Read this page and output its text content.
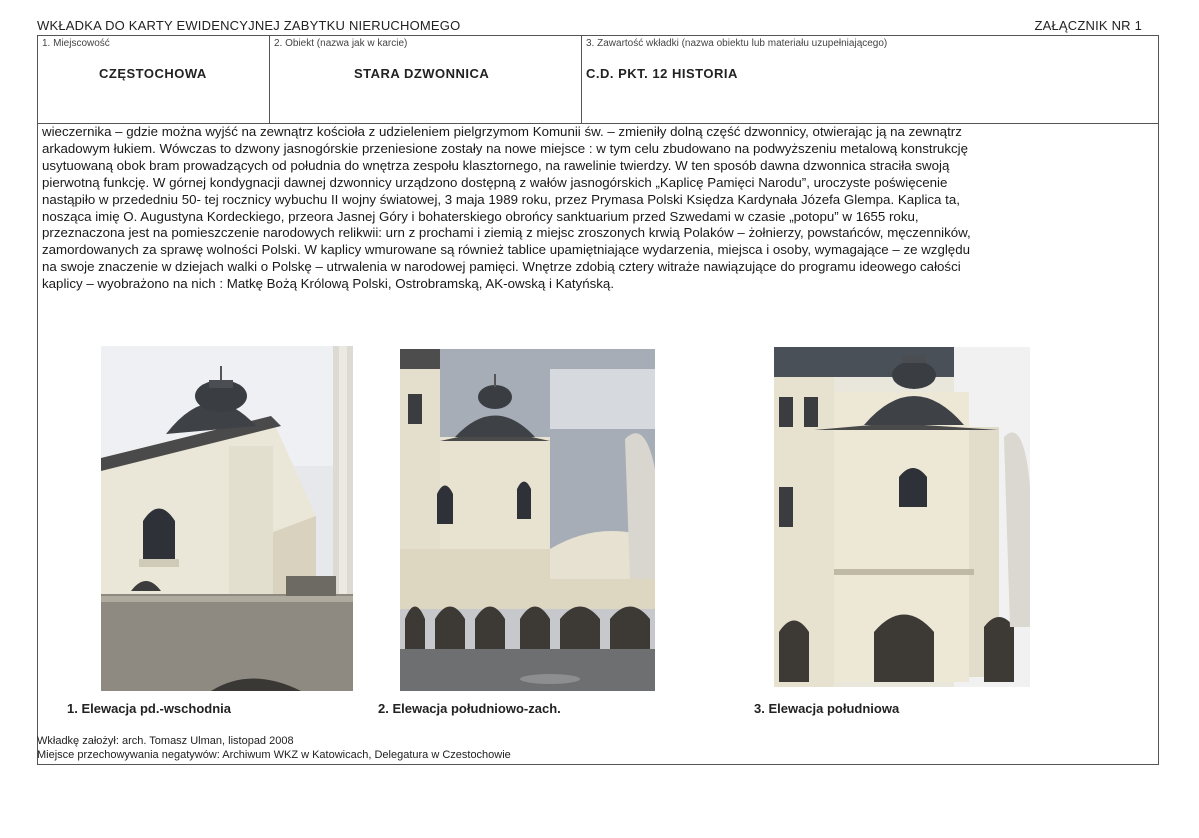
WKŁADKA DO KARTY EWIDENCYJNEJ ZABYTKU NIERUCHOMEGO	ZAŁĄCZNIK NR 1
1. Miejscowość
CZĘSTOCHOWA
2. Obiekt (nazwa jak w karcie)
STARA DZWONNICA
3. Zawartość wkładki (nazwa obiektu lub materiału uzupełniającego)
C.D. PKT. 12 HISTORIA
wieczernika – gdzie można wyjść na zewnątrz kościoła z udzieleniem pielgrzymom Komunii św. – zmieniły dolną część dzwonnicy, otwierając ją na zewnątrz
arkadowym łukiem. Wówczas to dzwony jasnogórskie przeniesione zostały na nowe miejsce : w tym celu zbudowano na podwyższeniu metalową konstrukcję
usytuowaną obok bram prowadzących od południa do wnętrza zespołu klasztornego, na rawelinie twierdzy. W ten sposób dawna dzwonnica straciła swoją
pierwotną funkcję. W górnej kondygnacji dawnej dzwonnicy urządzono dostępną z wałów jasnogórskich „Kaplicę Pamięci Narodu”, uroczyste poświęcenie
nastąpiło w przededniu 50- tej rocznicy wybuchu II wojny światowej, 3 maja 1989 roku, przez Prymasa Polski Księdza Kardynała Józefa Glempa. Kaplica ta,
nosząca imię O. Augustyna Kordeckiego, przeora Jasnej Góry i bohaterskiego obrońcy sanktuarium przed Szwedami w czasie „potopu” w 1655 roku,
przeznaczona jest na pomieszczenie narodowych relikwii: urn z prochami i ziemią z miejsc zroszonych krwią Polaków – żołnierzy, powstańców, męczenników,
zamordowanych za sprawę wolności Polski. W kaplicy wmurowane są również tablice upamiętniające wydarzenia, miejsca i osoby, wymagające – ze względu
na swoje znaczenie w dziejach walki o Polskę – utrwalenia w narodowej pamięci. Wnętrze zdobią cztery witraże nawiązujące do programu ideowego całości
kaplicy – wyobrażono na nich : Matkę Bożą Królową Polski, Ostrobramską, AK-owską i Katyńską.
1. Elewacja pd.-wschodnia	2. Elewacja południowo-zach.	3. Elewacja południowa
Wkładkę założył: arch. Tomasz Ulman, listopad 2008
Miejsce przechowywania negatywów: Archiwum WKZ w Katowicach, Delegatura w Czestochowie
